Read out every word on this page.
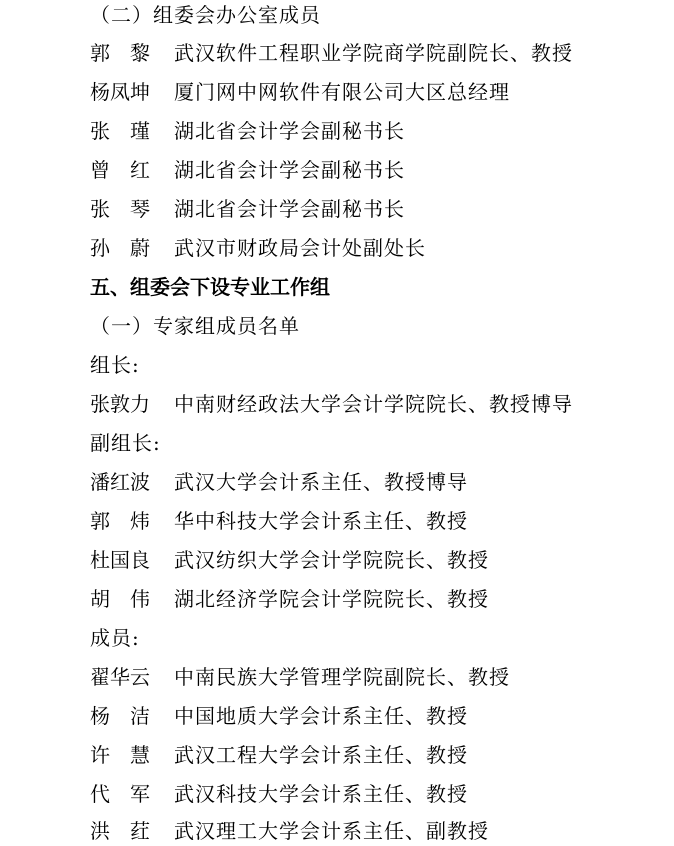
（二）组委会办公室成员
郭　黎 武汉软件工程职业学院商学院副院长、教授
杨凤坤 厦门网中网软件有限公司大区总经理
张　瑾 湖北省会计学会副秘书长
曾　红 湖北省会计学会副秘书长
张　琴 湖北省会计学会副秘书长
孙　蔚 武汉市财政局会计处副处长
五、组委会下设专业工作组
（一）专家组成员名单
组长:
张敦力 中南财经政法大学会计学院院长、教授博导
副组长:
潘红波 武汉大学会计系主任、教授博导
郭　炜 华中科技大学会计系主任、教授
杜国良 武汉纺织大学会计学院院长、教授
胡　伟 湖北经济学院会计学院院长、教授
成员:
翟华云 中南民族大学管理学院副院长、教授
杨　洁 中国地质大学会计系主任、教授
许　慧 武汉工程大学会计系主任、教授
代　军 武汉科技大学会计系主任、教授
洪　荭 武汉理工大学会计系主任、副教授
